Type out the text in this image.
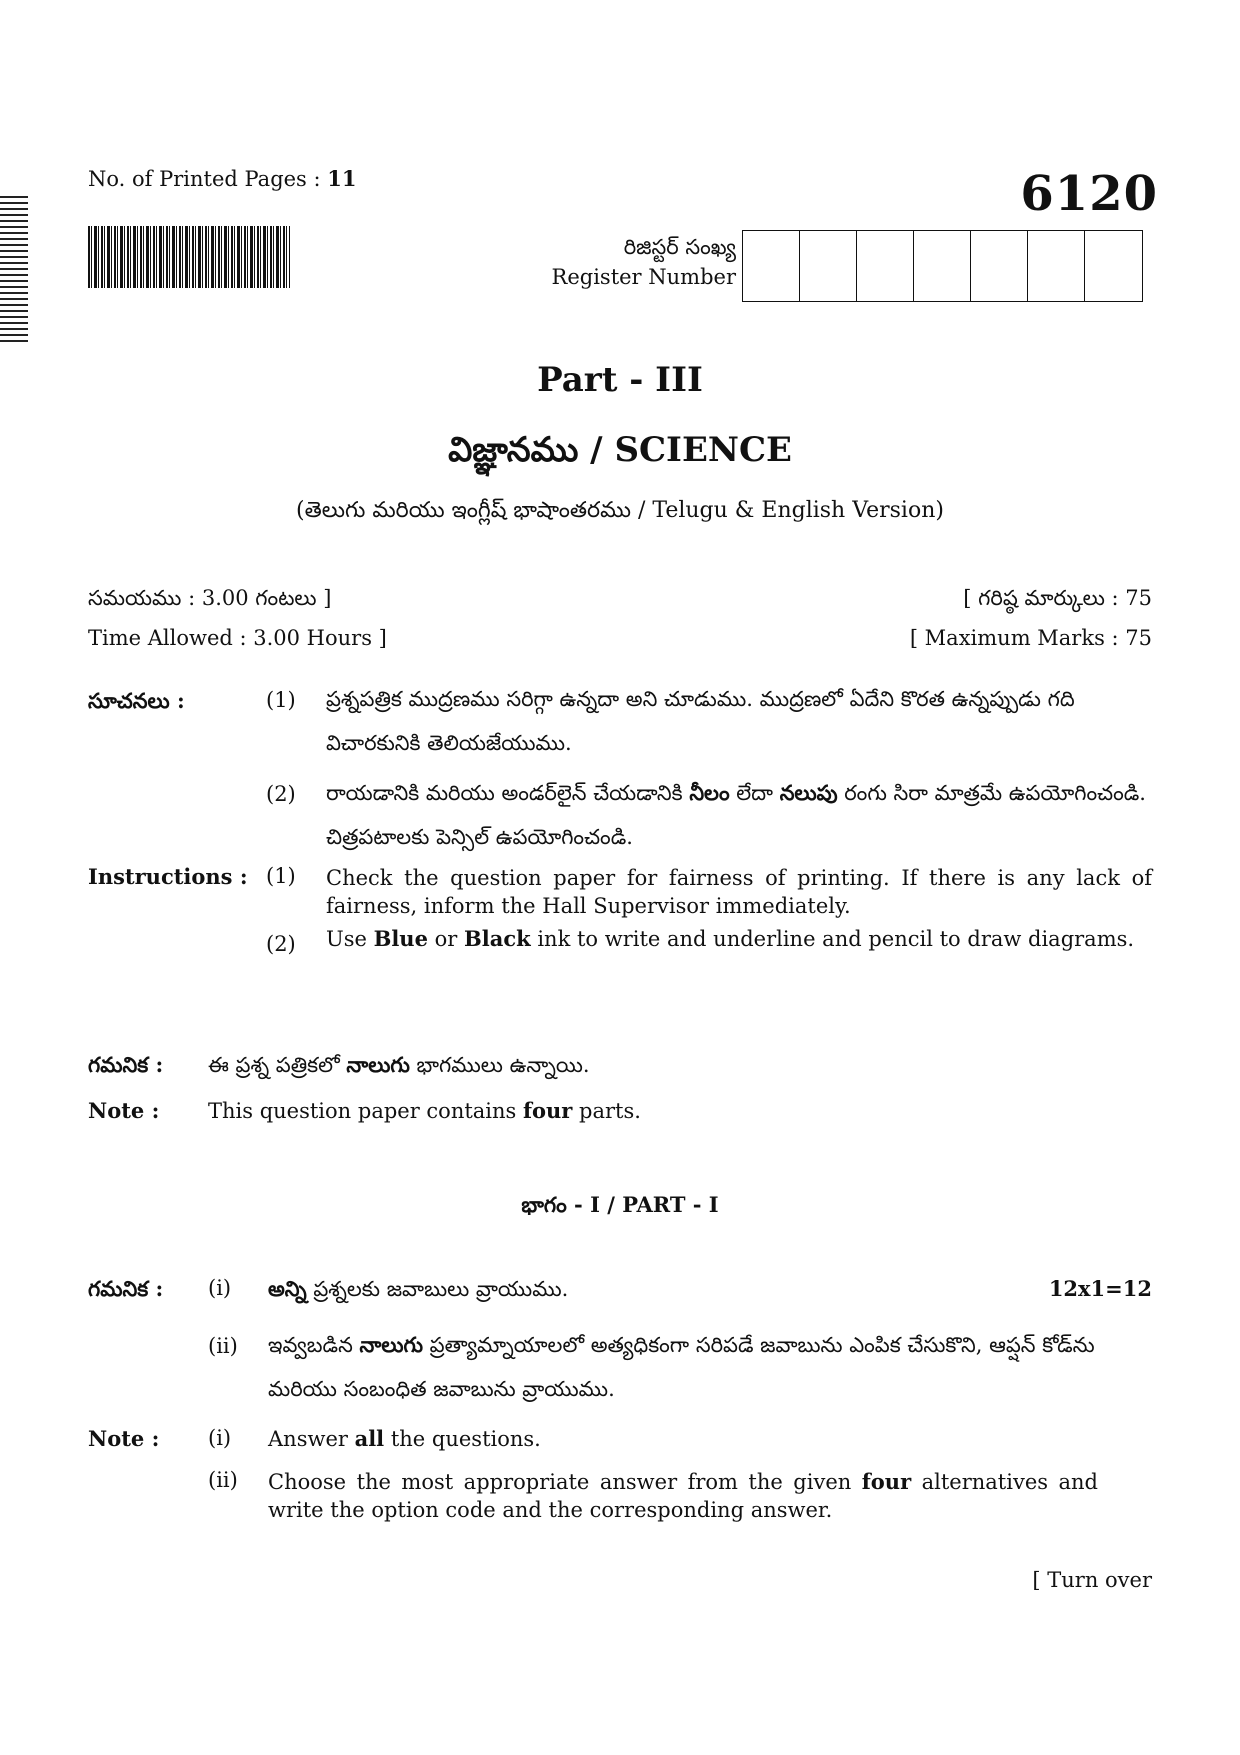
No. of Printed Pages : 11	6120
రిజిస్టర్ సంఖ్య
Register Number
Part - III
విజ్ఞానము / SCIENCE
(తెలుగు మరియు ఇంగ్లీష్ భాషాంతరము / Telugu & English Version)
సమయము : 3.00 గంటలు ]	[ గరిష్ఠ మార్కులు : 75
Time Allowed : 3.00 Hours ]	[ Maximum Marks : 75
సూచనలు :	(1) ప్రశ్నపత్రిక ముద్రణము సరిగ్గా ఉన్నదా అని చూడుము. ముద్రణలో ఏదేని కొరత ఉన్నప్పుడు గది విచారకునికి తెలియజేయుము.
(2) రాయడానికి మరియు అండర్‌లైన్ చేయడానికి నీలం లేదా నలుపు రంగు సిరా మాత్రమే ఉపయోగించండి. చిత్రపటాలకు పెన్సిల్ ఉపయోగించండి.
Instructions : (1) Check the question paper for fairness of printing. If there is any lack of fairness, inform the Hall Supervisor immediately.
(2) Use Blue or Black ink to write and underline and pencil to draw diagrams.
గమనిక : ఈ ప్రశ్న పత్రికలో నాలుగు భాగములు ఉన్నాయి.
Note : This question paper contains four parts.
భాగం - I / PART - I
గమనిక : (i) అన్ని ప్రశ్నలకు జవాబులు వ్రాయుము.	12x1=12
(ii) ఇవ్వబడిన నాలుగు ప్రత్యామ్నాయాలలో అత్యధికంగా సరిపడే జవాబును ఎంపిక చేసుకొని, ఆప్షన్ కోడ్‌ను మరియు సంబంధిత జవాబును వ్రాయుము.
Note : (i) Answer all the questions.
(ii) Choose the most appropriate answer from the given four alternatives and write the option code and the corresponding answer.
[ Turn over
